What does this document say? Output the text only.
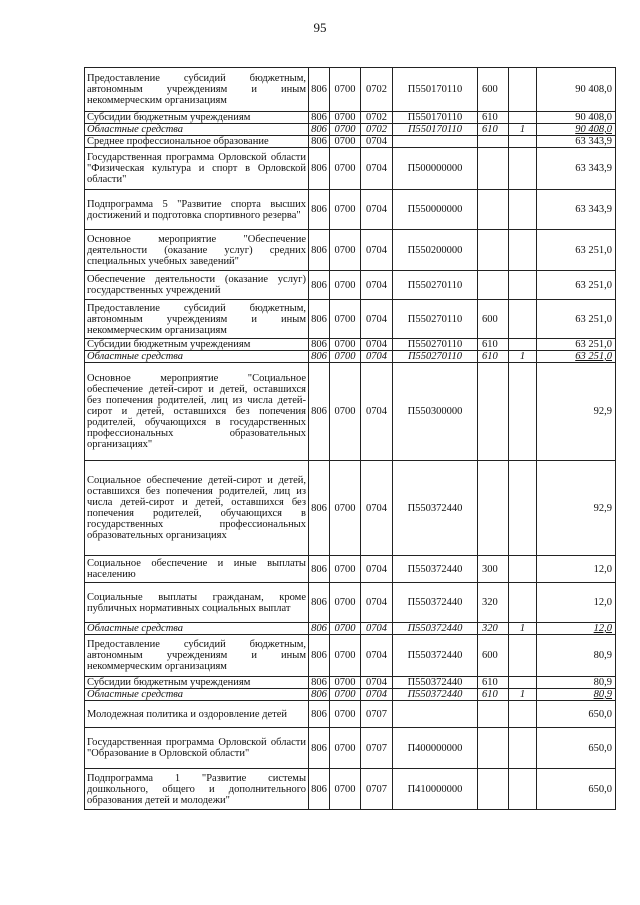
95
Предоставление субсидий бюджетным, автономным учреждениям и иным некоммерческим организациям	806	0700	0702	П550170110	600		90 408,0
Субсидии бюджетным учреждениям	806	0700	0702	П550170110	610		90 408,0
Областные средства	806	0700	0702	П550170110	610	1	90 408,0
Среднее профессиональное образование	806	0700	0704				63 343,9
Государственная программа Орловской области "Физическая культура и спорт в Орловской области"	806	0700	0704	П500000000			63 343,9
Подпрограмма 5 "Развитие спорта высших достижений и подготовка спортивного резерва"	806	0700	0704	П550000000			63 343,9
Основное мероприятие "Обеспечение деятельности (оказание услуг) средних специальных учебных заведений"	806	0700	0704	П550200000			63 251,0
Обеспечение деятельности (оказание услуг) государственных учреждений	806	0700	0704	П550270110			63 251,0
Предоставление субсидий бюджетным, автономным учреждениям и иным некоммерческим организациям	806	0700	0704	П550270110	600		63 251,0
Субсидии бюджетным учреждениям	806	0700	0704	П550270110	610		63 251,0
Областные средства	806	0700	0704	П550270110	610	1	63 251,0
Основное мероприятие "Социальное обеспечение детей-сирот и детей, оставшихся без попечения родителей, лиц из числа детей-сирот и детей, оставшихся без попечения родителей, обучающихся в государственных профессиональных образовательных организациях"	806	0700	0704	П550300000			92,9
Социальное обеспечение детей-сирот и детей, оставшихся без попечения родителей, лиц из числа детей-сирот и детей, оставшихся без попечения родителей, обучающихся в государственных профессиональных образовательных организациях	806	0700	0704	П550372440			92,9
Социальное обеспечение и иные выплаты населению	806	0700	0704	П550372440	300		12,0
Социальные выплаты гражданам, кроме публичных нормативных социальных выплат	806	0700	0704	П550372440	320		12,0
Областные средства	806	0700	0704	П550372440	320	1	12,0
Предоставление субсидий бюджетным, автономным учреждениям и иным некоммерческим организациям	806	0700	0704	П550372440	600		80,9
Субсидии бюджетным учреждениям	806	0700	0704	П550372440	610		80,9
Областные средства	806	0700	0704	П550372440	610	1	80,9
Молодежная политика и оздоровление детей	806	0700	0707				650,0
Государственная программа Орловской области "Образование в Орловской области"	806	0700	0707	П400000000			650,0
Подпрограмма 1 "Развитие системы дошкольного, общего и дополнительного образования детей и молодежи"	806	0700	0707	П410000000			650,0
